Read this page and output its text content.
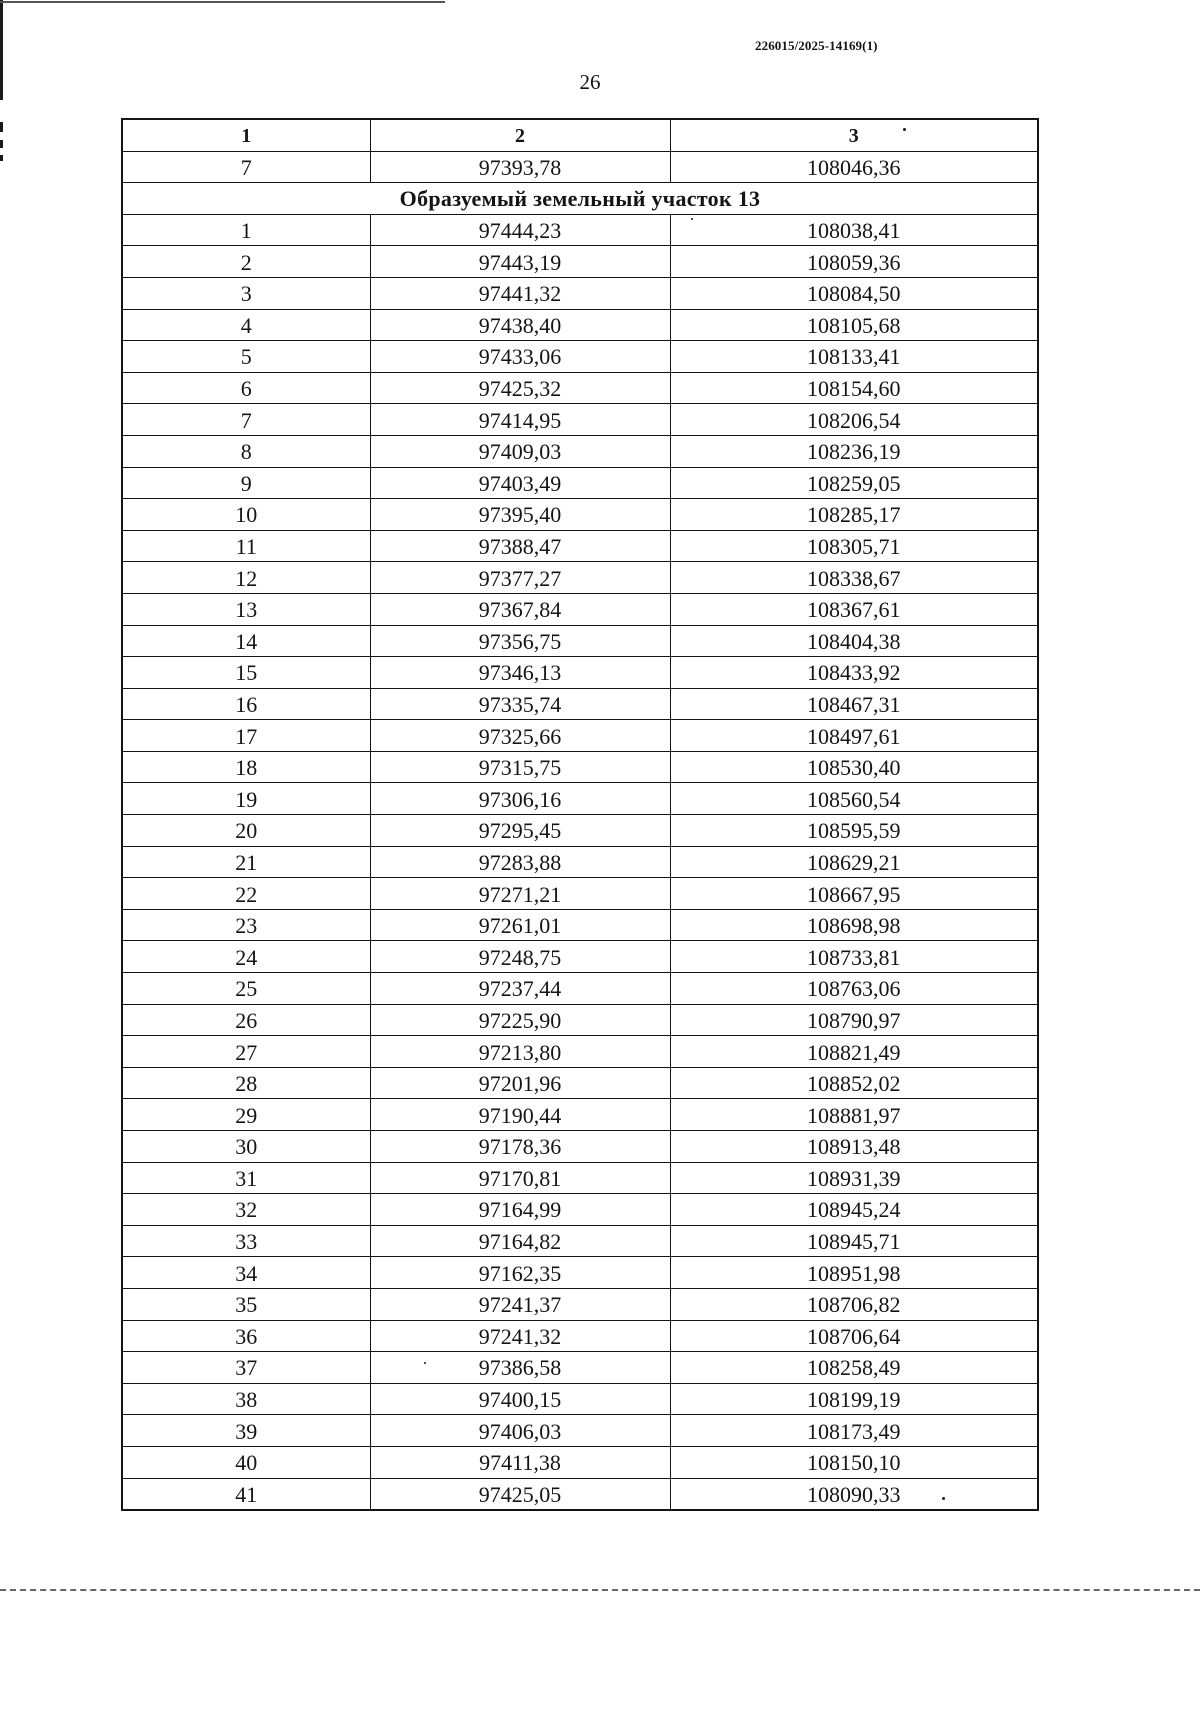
226015/2025-14169(1)
26
1	2	3
7	97393,78	108046,36
Образуемый земельный участок 13		
1	97444,23	108038,41
2	97443,19	108059,36
3	97441,32	108084,50
4	97438,40	108105,68
5	97433,06	108133,41
6	97425,32	108154,60
7	97414,95	108206,54
8	97409,03	108236,19
9	97403,49	108259,05
10	97395,40	108285,17
11	97388,47	108305,71
12	97377,27	108338,67
13	97367,84	108367,61
14	97356,75	108404,38
15	97346,13	108433,92
16	97335,74	108467,31
17	97325,66	108497,61
18	97315,75	108530,40
19	97306,16	108560,54
20	97295,45	108595,59
21	97283,88	108629,21
22	97271,21	108667,95
23	97261,01	108698,98
24	97248,75	108733,81
25	97237,44	108763,06
26	97225,90	108790,97
27	97213,80	108821,49
28	97201,96	108852,02
29	97190,44	108881,97
30	97178,36	108913,48
31	97170,81	108931,39
32	97164,99	108945,24
33	97164,82	108945,71
34	97162,35	108951,98
35	97241,37	108706,82
36	97241,32	108706,64
37	97386,58	108258,49
38	97400,15	108199,19
39	97406,03	108173,49
40	97411,38	108150,10
41	97425,05	108090,33
